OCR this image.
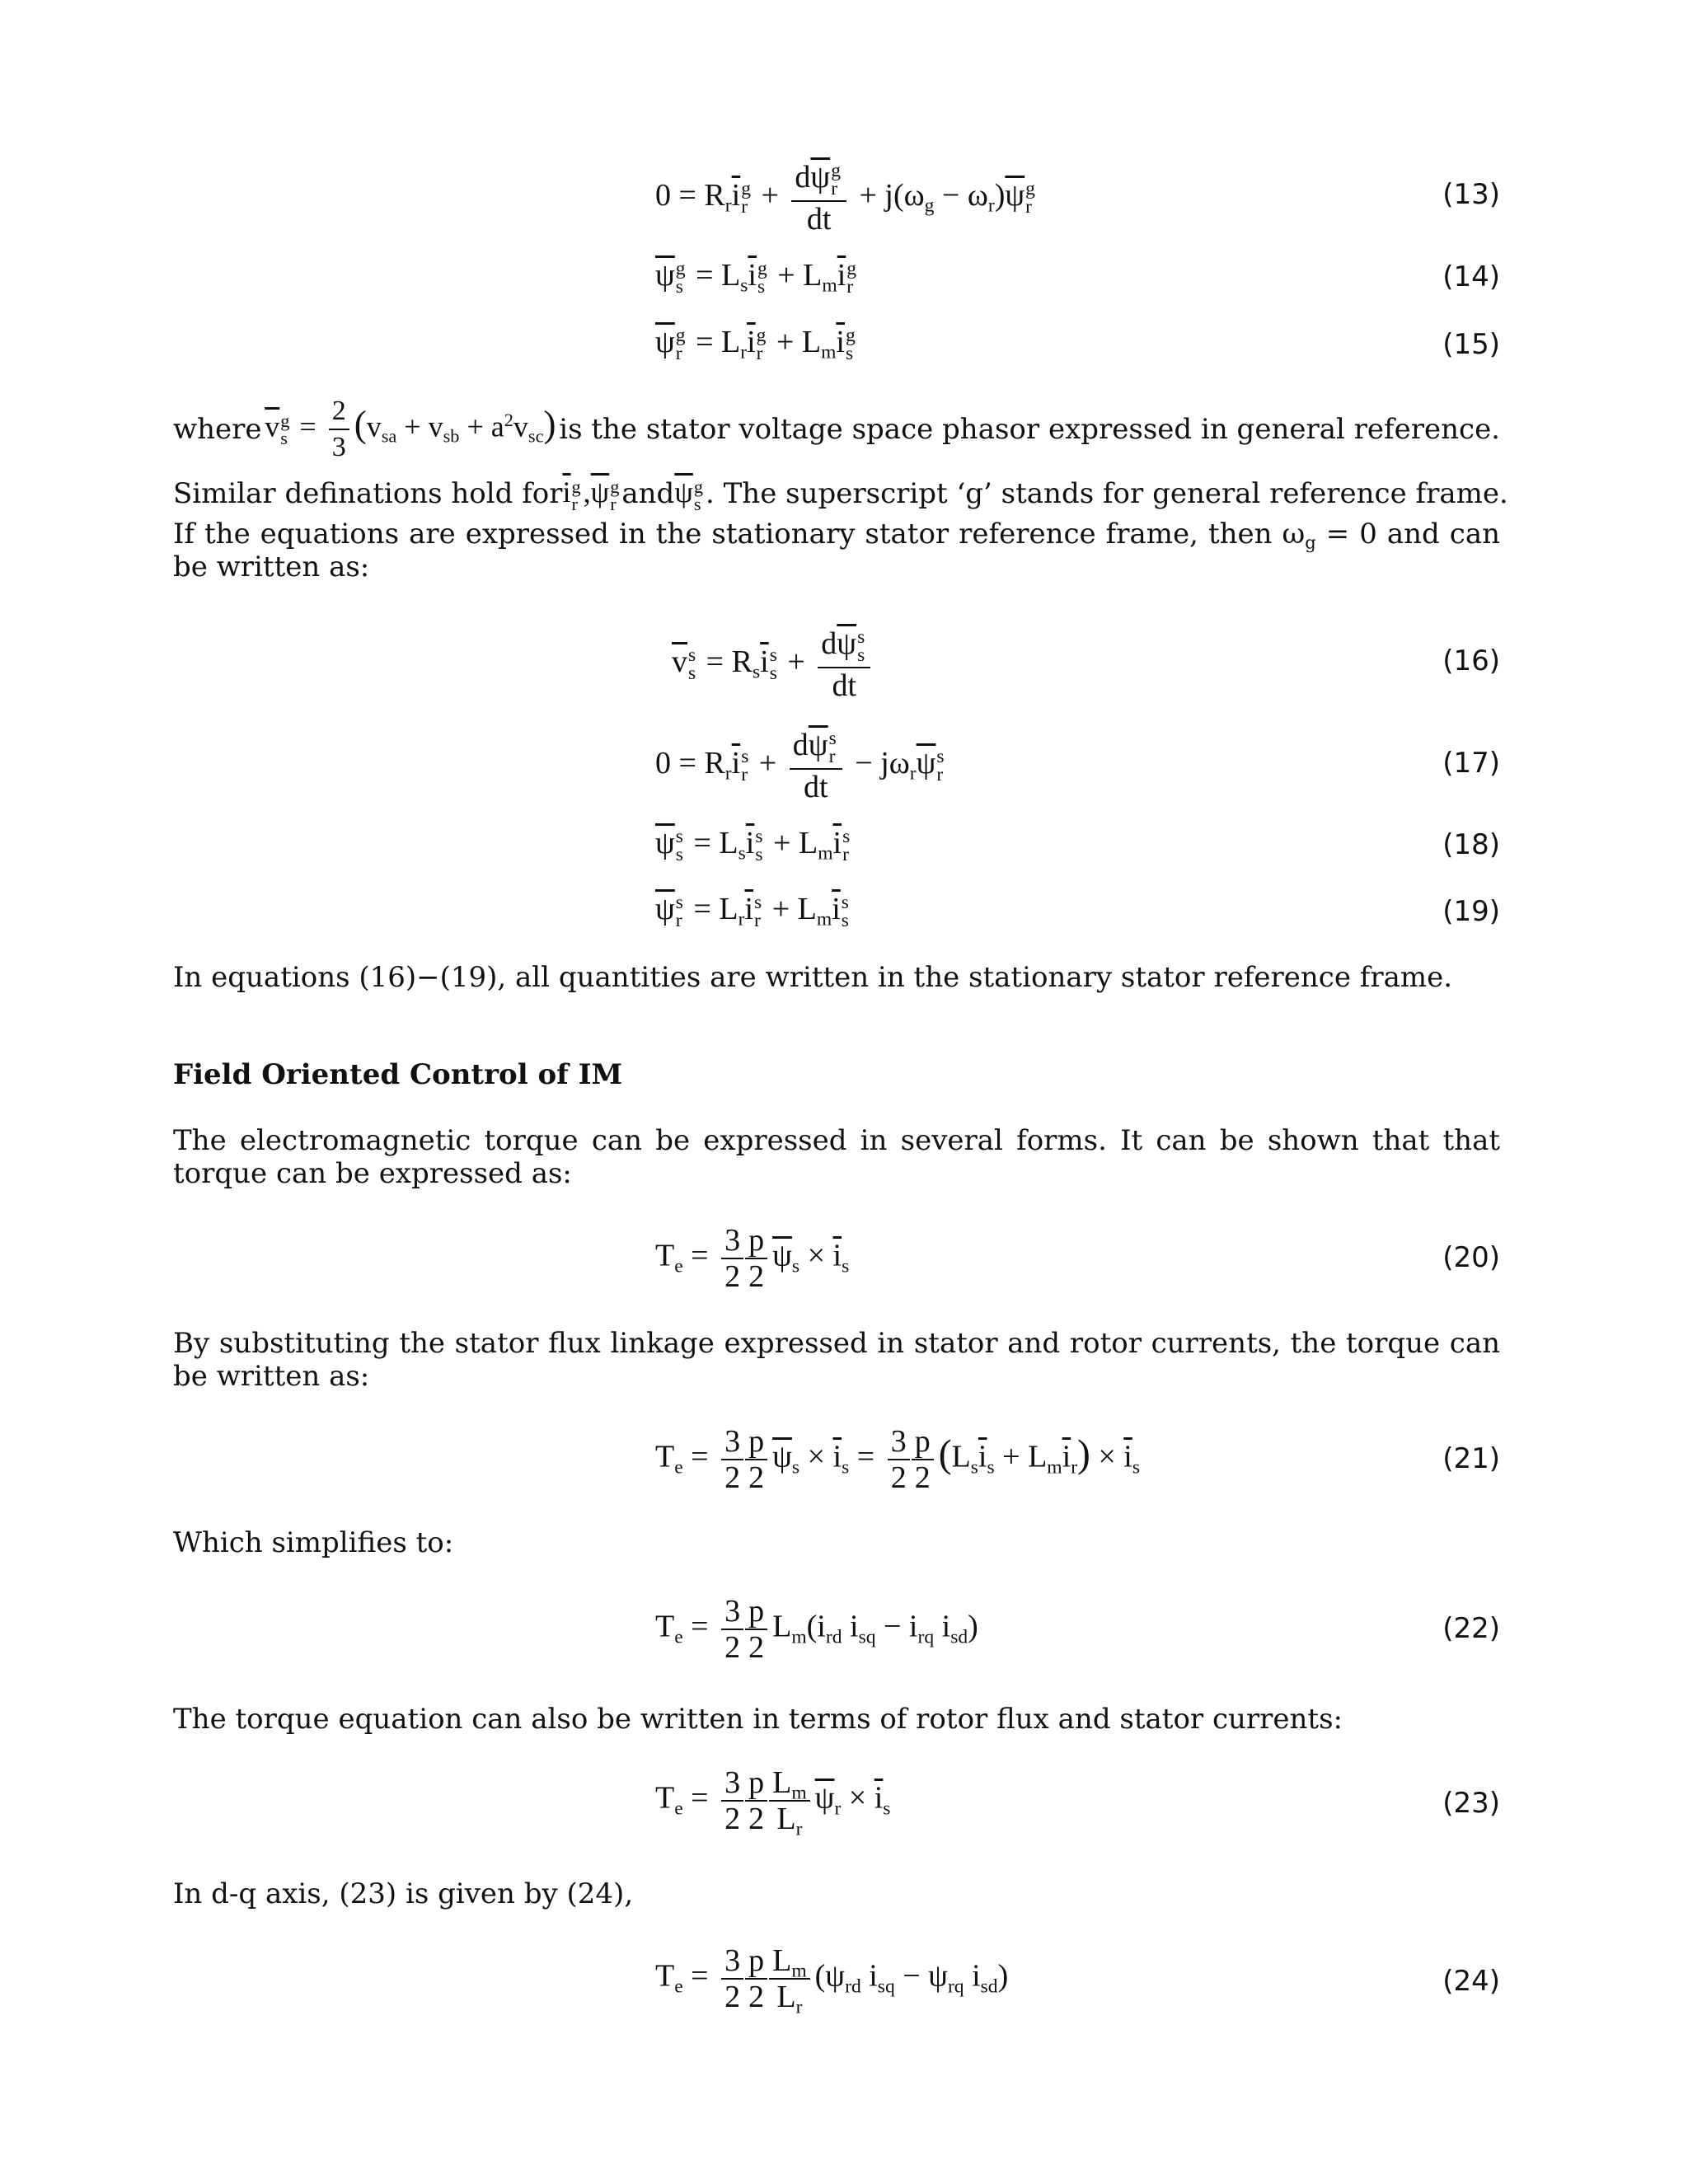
$0 = R_r\overline{i}$ g
$r + d\overline{\psi}$ g
r
dt + $j(\omega_g - \omega_r)\overline{\psi}$ g
r	(13)
$\overline{\psi}$ g
$s = L_s\overline{i}$ g
$s + L_m\overline{i}$ g
r	(14)
$\overline{\psi}$ g
$r = L_r\overline{i}$ g
$r + L_m\overline{i}$ g
s	(15)
where $\overline{v}$ g
$s = \frac{2}{3} (v_{sa} + v_{sb} + a^2v_{sc})$ is the stator voltage space phasor expressed in general reference.
Similar definations hold for $\overline{i}$ g
r $,\overline{\psi}$ g
r and $\overline{\psi}$ g
s . The superscript ‘g’ stands for general reference frame.

If the equations are expressed in the stationary stator reference frame, then $\omega_g = 0$ and can be written as:

$\overline{v}$ s
$s = R_s\overline{i}$ s
$s + d\overline{\psi}$ s
s
dt	(16)
$0 = R_r\overline{i}$ s
$r + d\overline{\psi}$ s
r
dt − $j\omega_r\overline{\psi}$ s
r	(17)
$\overline{\psi}$ s
$s = L_s\overline{i}$ s
$s + L_m\overline{i}$ s
r	(18)
$\overline{\psi}$ s
$r = L_r\overline{i}$ s
$r + L_m\overline{i}$ s
s	(19)

In equations (16)−(19), all quantities are written in the stationary stator reference frame.

Field Oriented Control of IM

The electromagnetic torque can be expressed in several forms. It can be shown that that torque can be expressed as:

$T_e = \frac{3}{2} \frac{p}{2} \overline{\psi}_s \times \overline{i}_s$	(20)

By substituting the stator flux linkage expressed in stator and rotor currents, the torque can be written as:

$T_e = \frac{3}{2} \frac{p}{2} \overline{\psi}_s \times \overline{i}_s = \frac{3}{2} \frac{p}{2} (L_s\overline{i}_s + L_m\overline{i}_r) \times \overline{i}_s$	(21)

Which simplifies to:

$T_e = \frac{3}{2} \frac{p}{2} L_m(i_{rd}$ $i_{sq} - i_{rq}$ $i_{sd}$)	(22)

The torque equation can also be written in terms of rotor flux and stator currents:

$T_e = \frac{3}{2} \frac{p}{2} \frac{L_m}{L_r} \overline{\psi}_r \times \overline{i}_s$	(23)

In d-q axis, (23) is given by (24),

$T_e = \frac{3}{2} \frac{p}{2} \frac{L_m}{L_r} (\psi_{rd}$ $i_{sq} - \psi_{rq}$ $i_{sd}$)	(24)
